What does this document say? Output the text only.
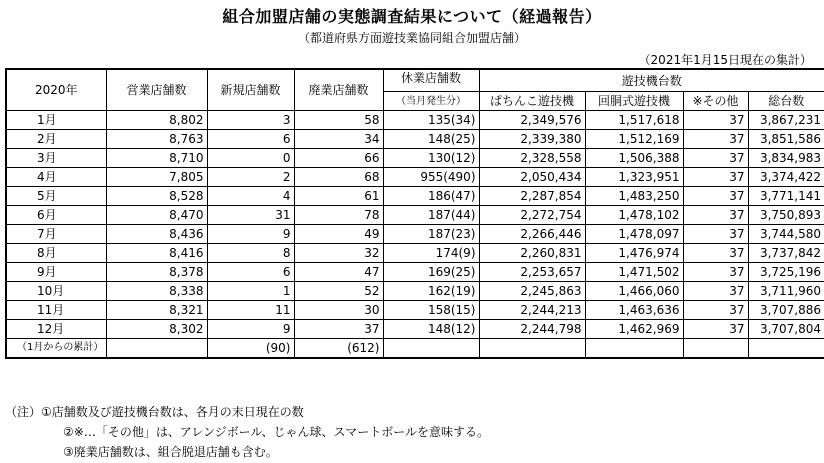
組合加盟店舗の実態調査結果について（経過報告）
（都道府県方面遊技業協同組合加盟店舗）
（2021年1月15日現在の集計）
2020年	営業店舗数	新規店舗数	廃業店舗数	休業店舗数	遊技機台数			
				（当月発生分）	ぱちんこ遊技機	回胴式遊技機	※その他	総台数
1月	8,802	3	58	135(34)	2,349,576	1,517,618	37	3,867,231
2月	8,763	6	34	148(25)	2,339,380	1,512,169	37	3,851,586
3月	8,710	0	66	130(12)	2,328,558	1,506,388	37	3,834,983
4月	7,805	2	68	955(490)	2,050,434	1,323,951	37	3,374,422
5月	8,528	4	61	186(47)	2,287,854	1,483,250	37	3,771,141
6月	8,470	31	78	187(44)	2,272,754	1,478,102	37	3,750,893
7月	8,436	9	49	187(23)	2,266,446	1,478,097	37	3,744,580
8月	8,416	8	32	174(9)	2,260,831	1,476,974	37	3,737,842
9月	8,378	6	47	169(25)	2,253,657	1,471,502	37	3,725,196
10月	8,338	1	52	162(19)	2,245,863	1,466,060	37	3,711,960
11月	8,321	11	30	158(15)	2,244,213	1,463,636	37	3,707,886
12月	8,302	9	37	148(12)	2,244,798	1,462,969	37	3,707,804
（1月からの累計）		(90)	(612)					
（注）①店舗数及び遊技機台数は、各月の末日現在の数
②※…「その他」は、アレンジボール、じゃん球、スマートボールを意味する。
③廃業店舗数は、組合脱退店舗も含む。
